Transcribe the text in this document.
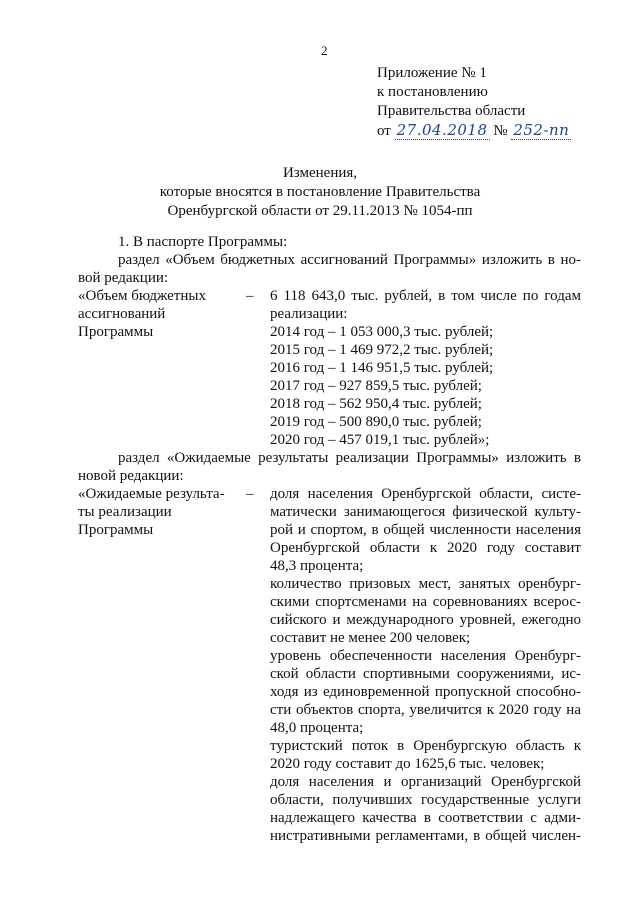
2
Приложение № 1
к постановлению
Правительства области
от 27.04.2018 № 252-пп
Изменения,
которые вносятся в постановление Правительства
Оренбургской области от 29.11.2013 № 1054-пп
1. В паспорте Программы:
раздел «Объем бюджетных ассигнований Программы» изложить в но-
вой редакции:
«Объем бюджетных
ассигнований
Программы
– 6 118 643,0 тыс. рублей, в том числе по годам
реализации:
2014 год – 1 053 000,3 тыс. рублей;
2015 год – 1 469 972,2 тыс. рублей;
2016 год – 1 146 951,5 тыс. рублей;
2017 год – 927 859,5 тыс. рублей;
2018 год – 562 950,4 тыс. рублей;
2019 год – 500 890,0 тыс. рублей;
2020 год – 457 019,1 тыс. рублей»;
раздел «Ожидаемые результаты реализации Программы» изложить в
новой редакции:
«Ожидаемые результа-
ты реализации
Программы
– доля населения Оренбургской области, систе-
матически занимающегося физической культу-
рой и спортом, в общей численности населения
Оренбургской области к 2020 году составит
48,3 процента;
количество призовых мест, занятых оренбург-
скими спортсменами на соревнованиях всерос-
сийского и международного уровней, ежегодно
составит не менее 200 человек;
уровень обеспеченности населения Оренбург-
ской области спортивными сооружениями, ис-
ходя из единовременной пропускной способно-
сти объектов спорта, увеличится к 2020 году на
48,0 процента;
туристский поток в Оренбургскую область к
2020 году составит до 1625,6 тыс. человек;
доля населения и организаций Оренбургской
области, получивших государственные услуги
надлежащего качества в соответствии с адми-
нистративными регламентами, в общей числен-
